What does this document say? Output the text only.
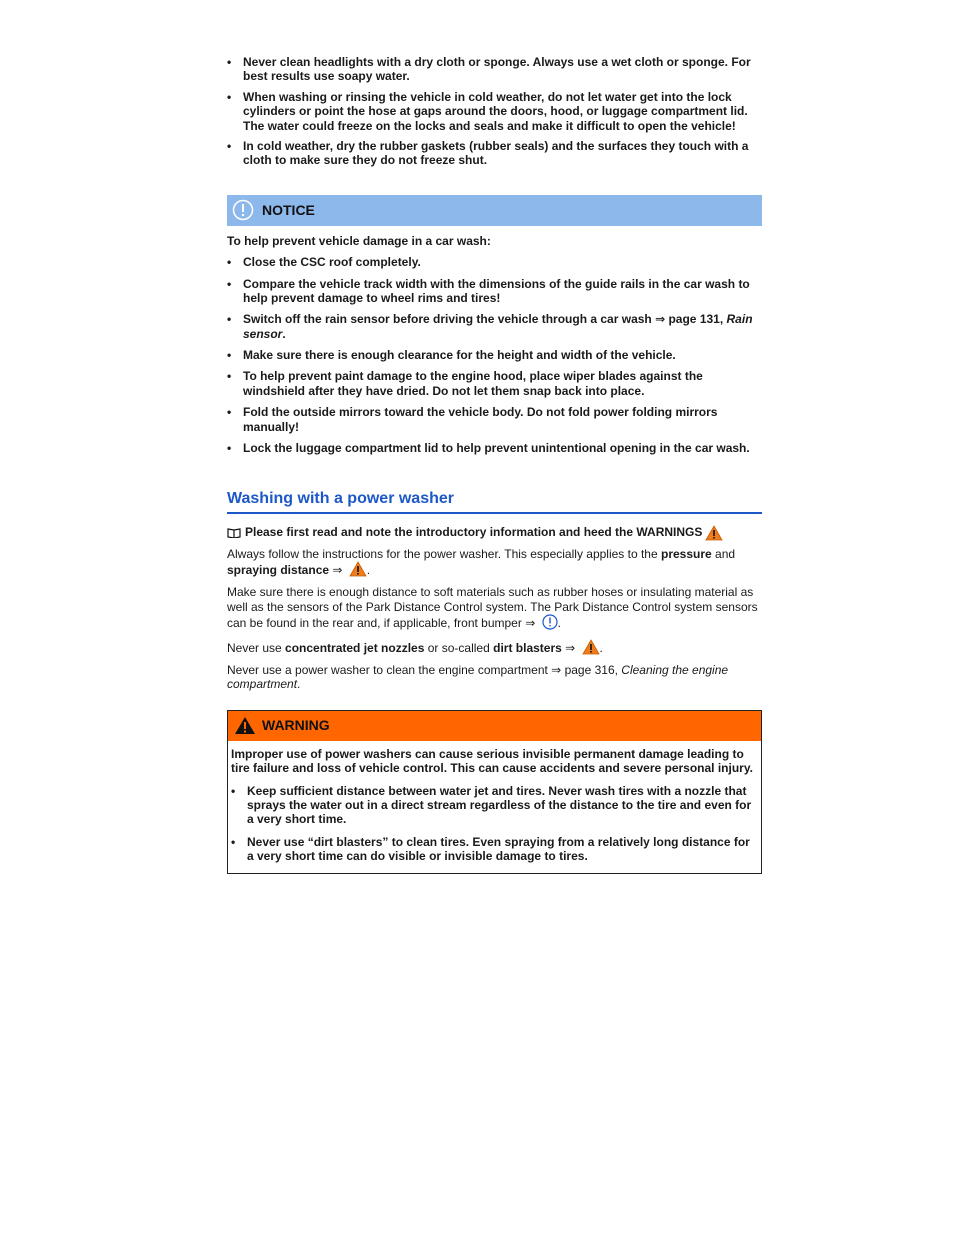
• Never clean headlights with a dry cloth or sponge. Always use a wet cloth or sponge. For best results use soapy water.
• When washing or rinsing the vehicle in cold weather, do not let water get into the lock cylinders or point the hose at gaps around the doors, hood, or luggage compartment lid. The water could freeze on the locks and seals and make it difficult to open the vehicle!
• In cold weather, dry the rubber gaskets (rubber seals) and the surfaces they touch with a cloth to make sure they do not freeze shut.
NOTICE

To help prevent vehicle damage in a car wash:

• Close the CSC roof completely.
• Compare the vehicle track width with the dimensions of the guide rails in the car wash to help prevent damage to wheel rims and tires!
• Switch off the rain sensor before driving the vehicle through a car wash ⇒ page 131, Rain sensor.
• Make sure there is enough clearance for the height and width of the vehicle.
• To help prevent paint damage to the engine hood, place wiper blades against the windshield after they have dried. Do not let them snap back into place.
• Fold the outside mirrors toward the vehicle body. Do not fold power folding mirrors manually!
• Lock the luggage compartment lid to help prevent unintentional opening in the car wash.
Washing with a power washer
Please first read and note the introductory information and heed the WARNINGS

Always follow the instructions for the power washer. This especially applies to the pressure and spraying distance ⇒ .

Make sure there is enough distance to soft materials such as rubber hoses or insulating material as well as the sensors of the Park Distance Control system. The Park Distance Control system sensors can be found in the rear and, if applicable, front bumper ⇒ .

Never use concentrated jet nozzles or so-called dirt blasters ⇒ .

Never use a power washer to clean the engine compartment ⇒ page 316, Cleaning the engine compartment.

WARNING

Improper use of power washers can cause serious invisible permanent damage leading to tire failure and loss of vehicle control. This can cause accidents and severe personal injury.

• Keep sufficient distance between water jet and tires. Never wash tires with a nozzle that sprays the water out in a direct stream regardless of the distance to the tire and even for a very short time.
• Never use “dirt blasters” to clean tires. Even spraying from a relatively long distance for a very short time can do visible or invisible damage to tires.
